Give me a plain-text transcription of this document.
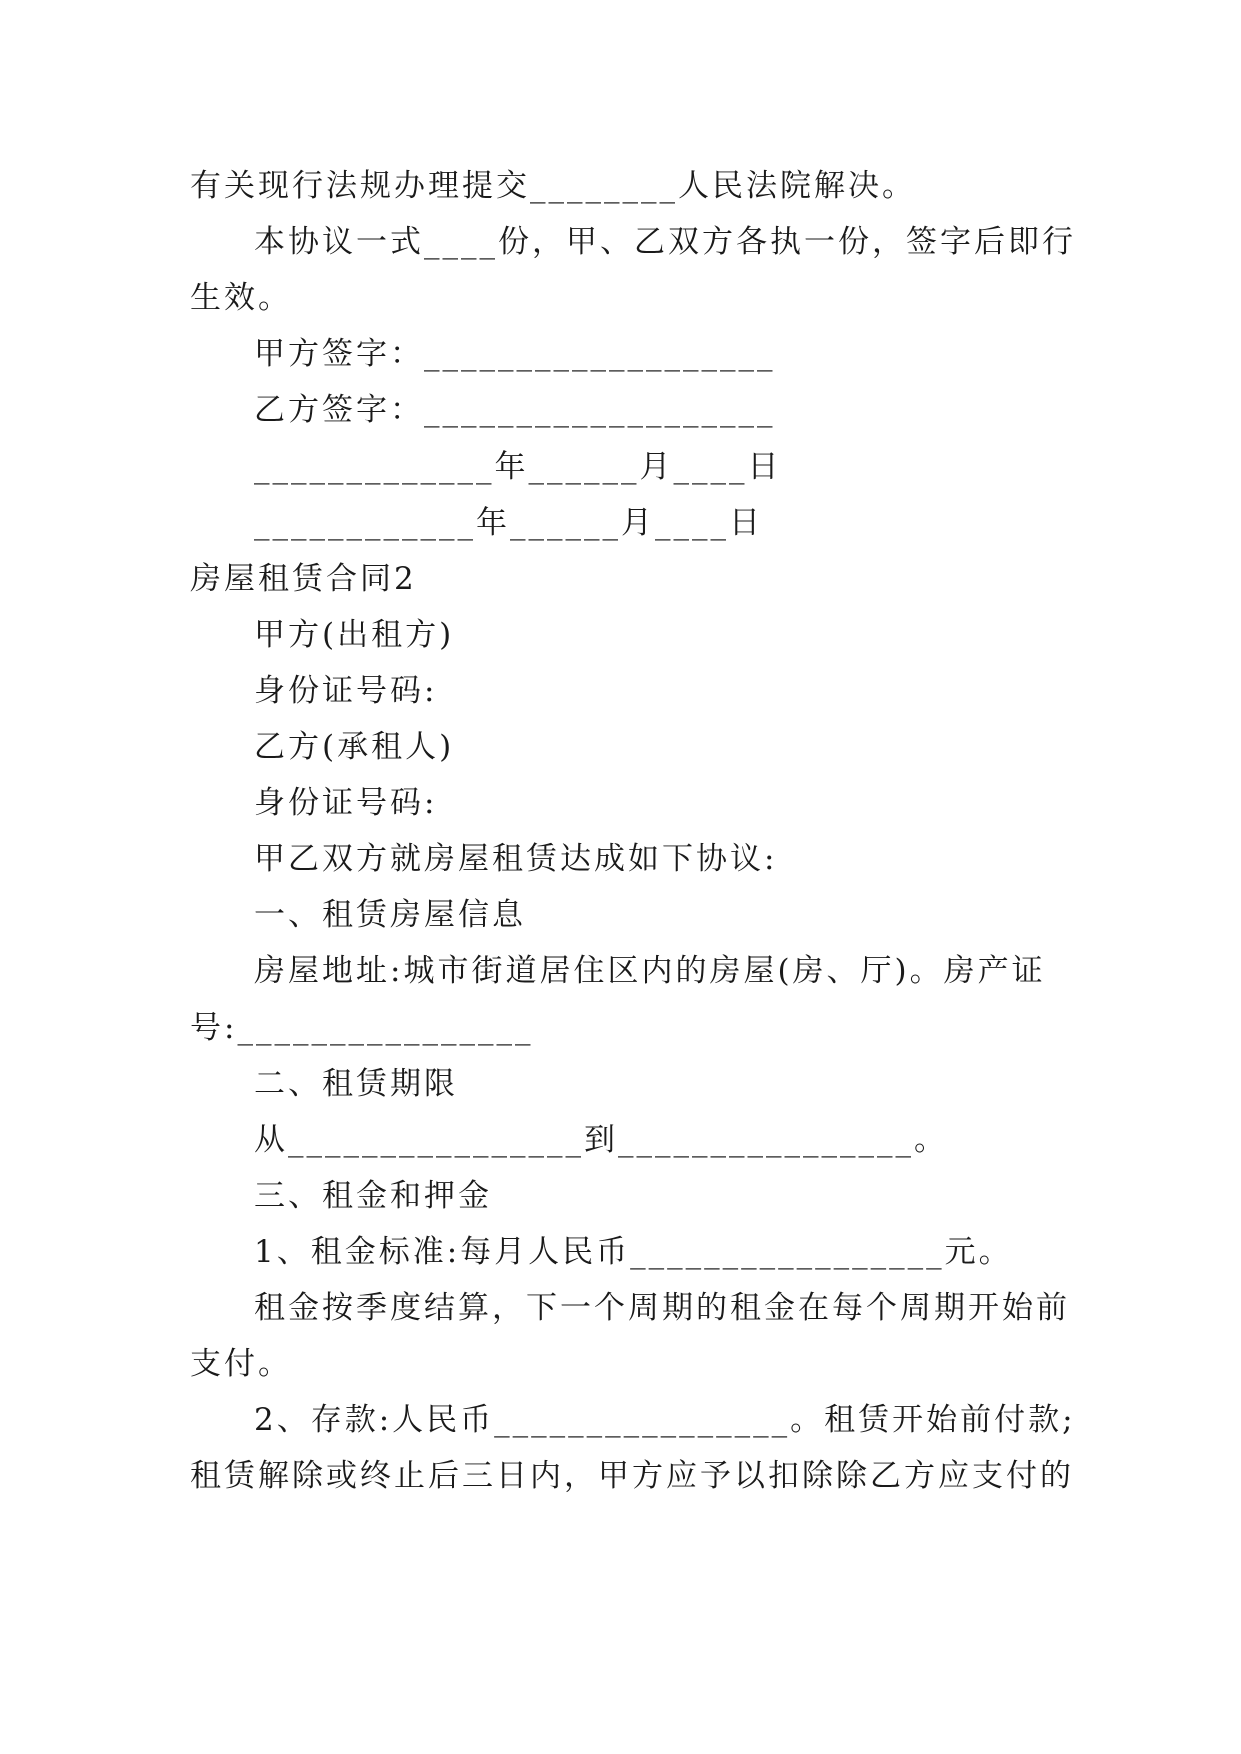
有关现行法规办理提交________人民法院解决。
本协议一式____份，甲、乙双方各执一份，签字后即行
生效。
甲方签字：___________________
乙方签字：___________________
_____________年______月____日
____________年______月____日
房屋租赁合同2
甲方(出租方)
身份证号码:
乙方(承租人)
身份证号码:
甲乙双方就房屋租赁达成如下协议:
一、租赁房屋信息
房屋地址:城市街道居住区内的房屋(房、厅)。房产证
号:________________
二、租赁期限
从________________到________________。
三、租金和押金
1、租金标准:每月人民币_________________元。
租金按季度结算，下一个周期的租金在每个周期开始前
支付。
2、存款:人民币________________。租赁开始前付款;
租赁解除或终止后三日内，甲方应予以扣除除乙方应支付的
